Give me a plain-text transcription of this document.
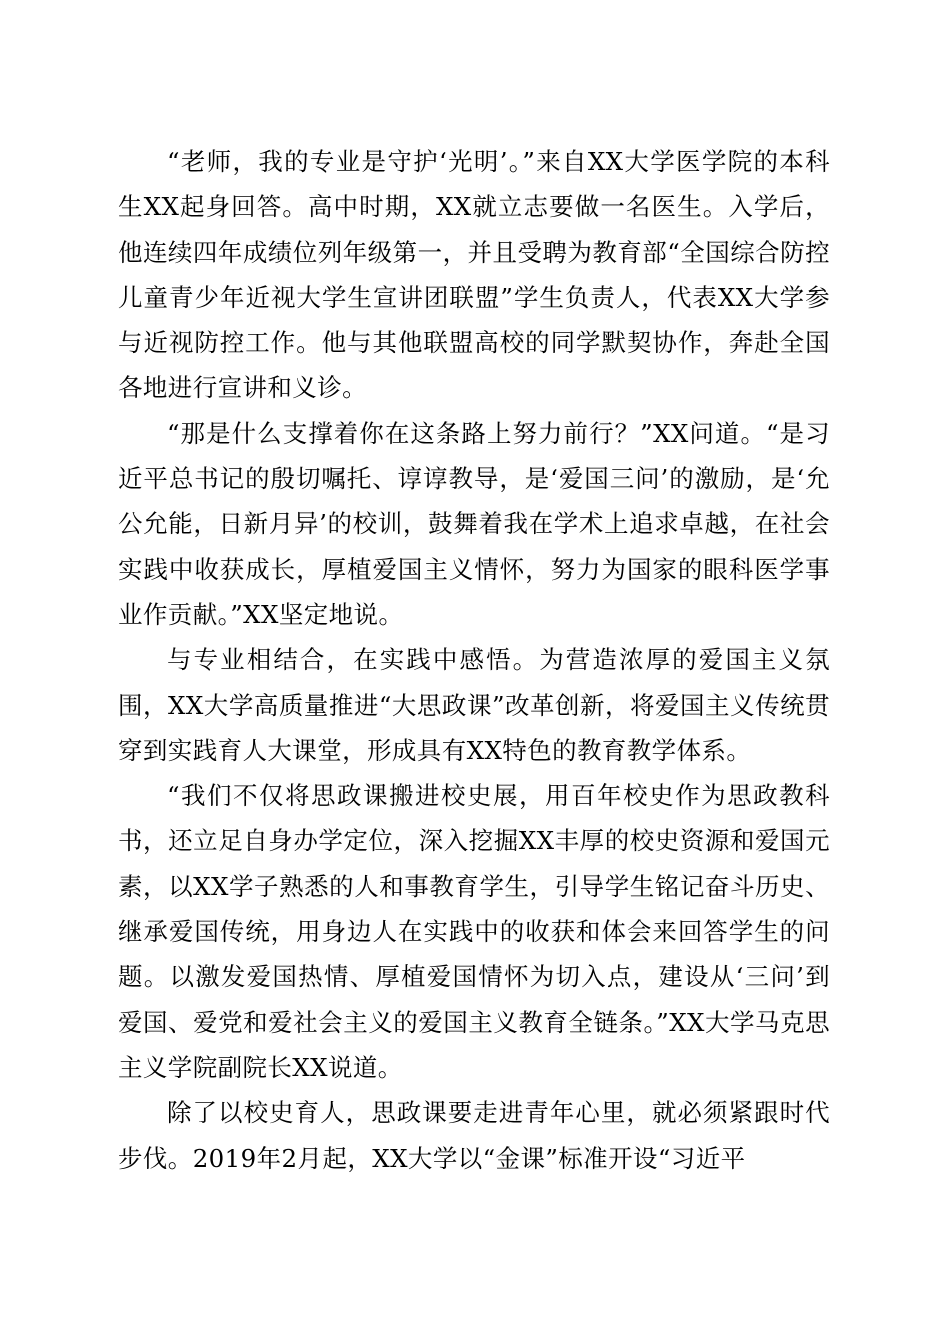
“老师，我的专业是守护‘光明’。”来自XX大学医学院的本科生XX起身回答。高中时期，XX就立志要做一名医生。入学后，他连续四年成绩位列年级第一，并且受聘为教育部“全国综合防控儿童青少年近视大学生宣讲团联盟”学生负责人，代表XX大学参与近视防控工作。他与其他联盟高校的同学默契协作，奔赴全国各地进行宣讲和义诊。

“那是什么支撑着你在这条路上努力前行？”XX问道。“是习近平总书记的殷切嘱托、谆谆教导，是‘爱国三问’的激励，是‘允公允能，日新月异’的校训，鼓舞着我在学术上追求卓越，在社会实践中收获成长，厚植爱国主义情怀，努力为国家的眼科医学事业作贡献。”XX坚定地说。

与专业相结合，在实践中感悟。为营造浓厚的爱国主义氛围，XX大学高质量推进“大思政课”改革创新，将爱国主义传统贯穿到实践育人大课堂，形成具有XX特色的教育教学体系。

“我们不仅将思政课搬进校史展，用百年校史作为思政教科书，还立足自身办学定位，深入挖掘XX丰厚的校史资源和爱国元素，以XX学子熟悉的人和事教育学生，引导学生铭记奋斗历史、继承爱国传统，用身边人在实践中的收获和体会来回答学生的问题。以激发爱国热情、厚植爱国情怀为切入点，建设从‘三问’到爱国、爱党和爱社会主义的爱国主义教育全链条。”XX大学马克思主义学院副院长XX说道。

除了以校史育人，思政课要走进青年心里，就必须紧跟时代步伐。2019年2月起，XX大学以“金课”标准开设“习近平
